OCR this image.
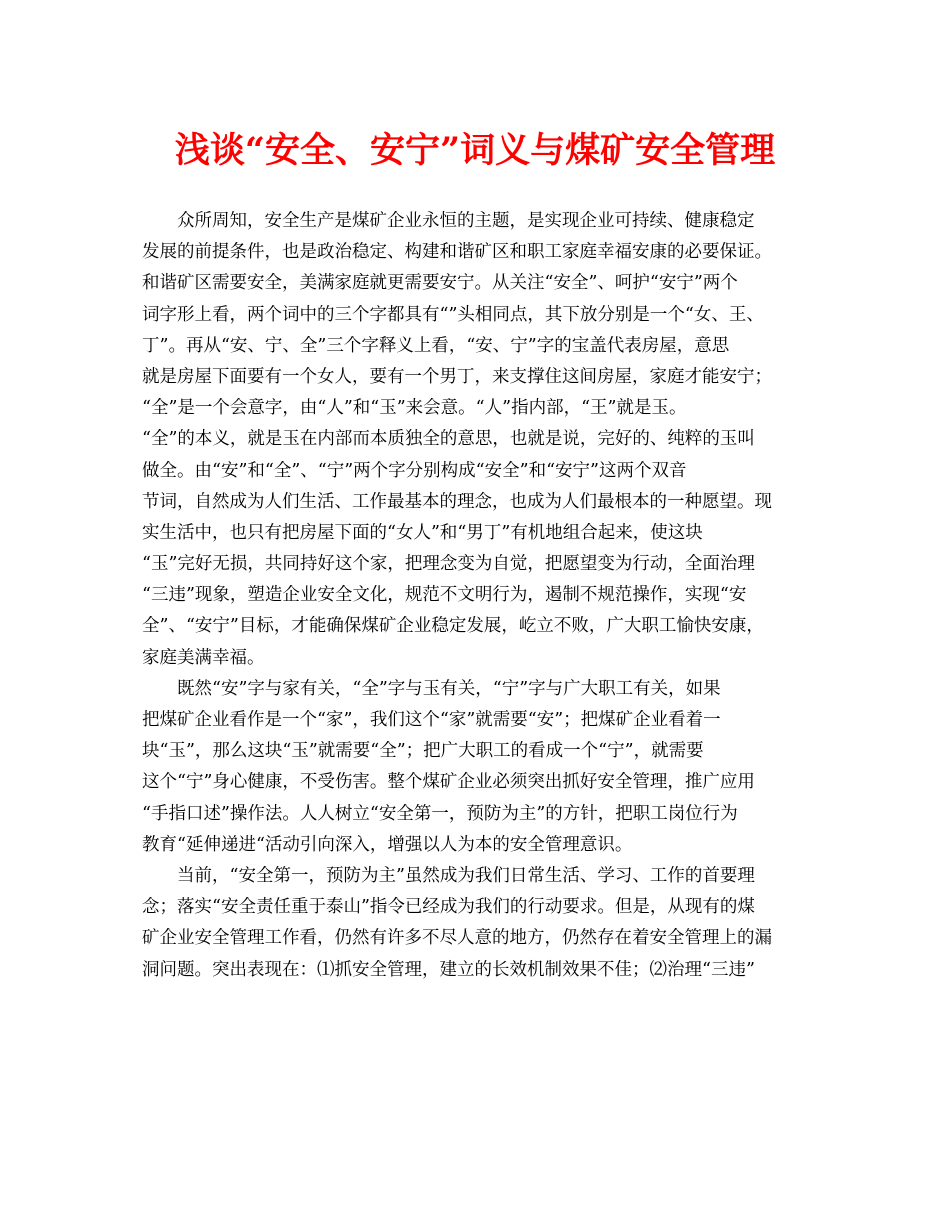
浅谈“安全、安宁”词义与煤矿安全管理
　　众所周知，安全生产是煤矿企业永恒的主题，是实现企业可持续、健康稳定
发展的前提条件，也是政治稳定、构建和谐矿区和职工家庭幸福安康的必要保证。
和谐矿区需要安全，美满家庭就更需要安宁。从关注“安全”、呵护“安宁”两个
词字形上看，两个词中的三个字都具有“”头相同点，其下放分别是一个“女、王、
丁”。再从“安、宁、全”三个字释义上看，“安、宁”字的宝盖代表房屋，意思
就是房屋下面要有一个女人，要有一个男丁，来支撑住这间房屋，家庭才能安宁；
“全”是一个会意字，由“人”和“玉”来会意。“人”指内部，“王”就是玉。
“全”的本义，就是玉在内部而本质独全的意思，也就是说，完好的、纯粹的玉叫
做全。由“安”和“全”、“宁”两个字分别构成“安全”和“安宁”这两个双音
节词，自然成为人们生活、工作最基本的理念，也成为人们最根本的一种愿望。现
实生活中，也只有把房屋下面的“女人”和“男丁”有机地组合起来，使这块
“玉”完好无损，共同持好这个家，把理念变为自觉，把愿望变为行动，全面治理
“三违”现象，塑造企业安全文化，规范不文明行为，遏制不规范操作，实现“安
全”、“安宁”目标，才能确保煤矿企业稳定发展，屹立不败，广大职工愉快安康，
家庭美满幸福。
　　既然“安”字与家有关，“全”字与玉有关，“宁”字与广大职工有关，如果
把煤矿企业看作是一个“家”，我们这个“家”就需要“安”；把煤矿企业看着一
块“玉”，那么这块“玉”就需要“全”；把广大职工的看成一个“宁”，就需要
这个“宁”身心健康，不受伤害。整个煤矿企业必须突出抓好安全管理，推广应用
“手指口述”操作法。人人树立“安全第一，预防为主”的方针，把职工岗位行为
教育“延伸递进“活动引向深入，增强以人为本的安全管理意识。
　　当前，“安全第一，预防为主”虽然成为我们日常生活、学习、工作的首要理
念；落实“安全责任重于泰山”指令已经成为我们的行动要求。但是，从现有的煤
矿企业安全管理工作看，仍然有许多不尽人意的地方，仍然存在着安全管理上的漏
洞问题。突出表现在：⑴抓安全管理，建立的长效机制效果不佳；⑵治理“三违”
